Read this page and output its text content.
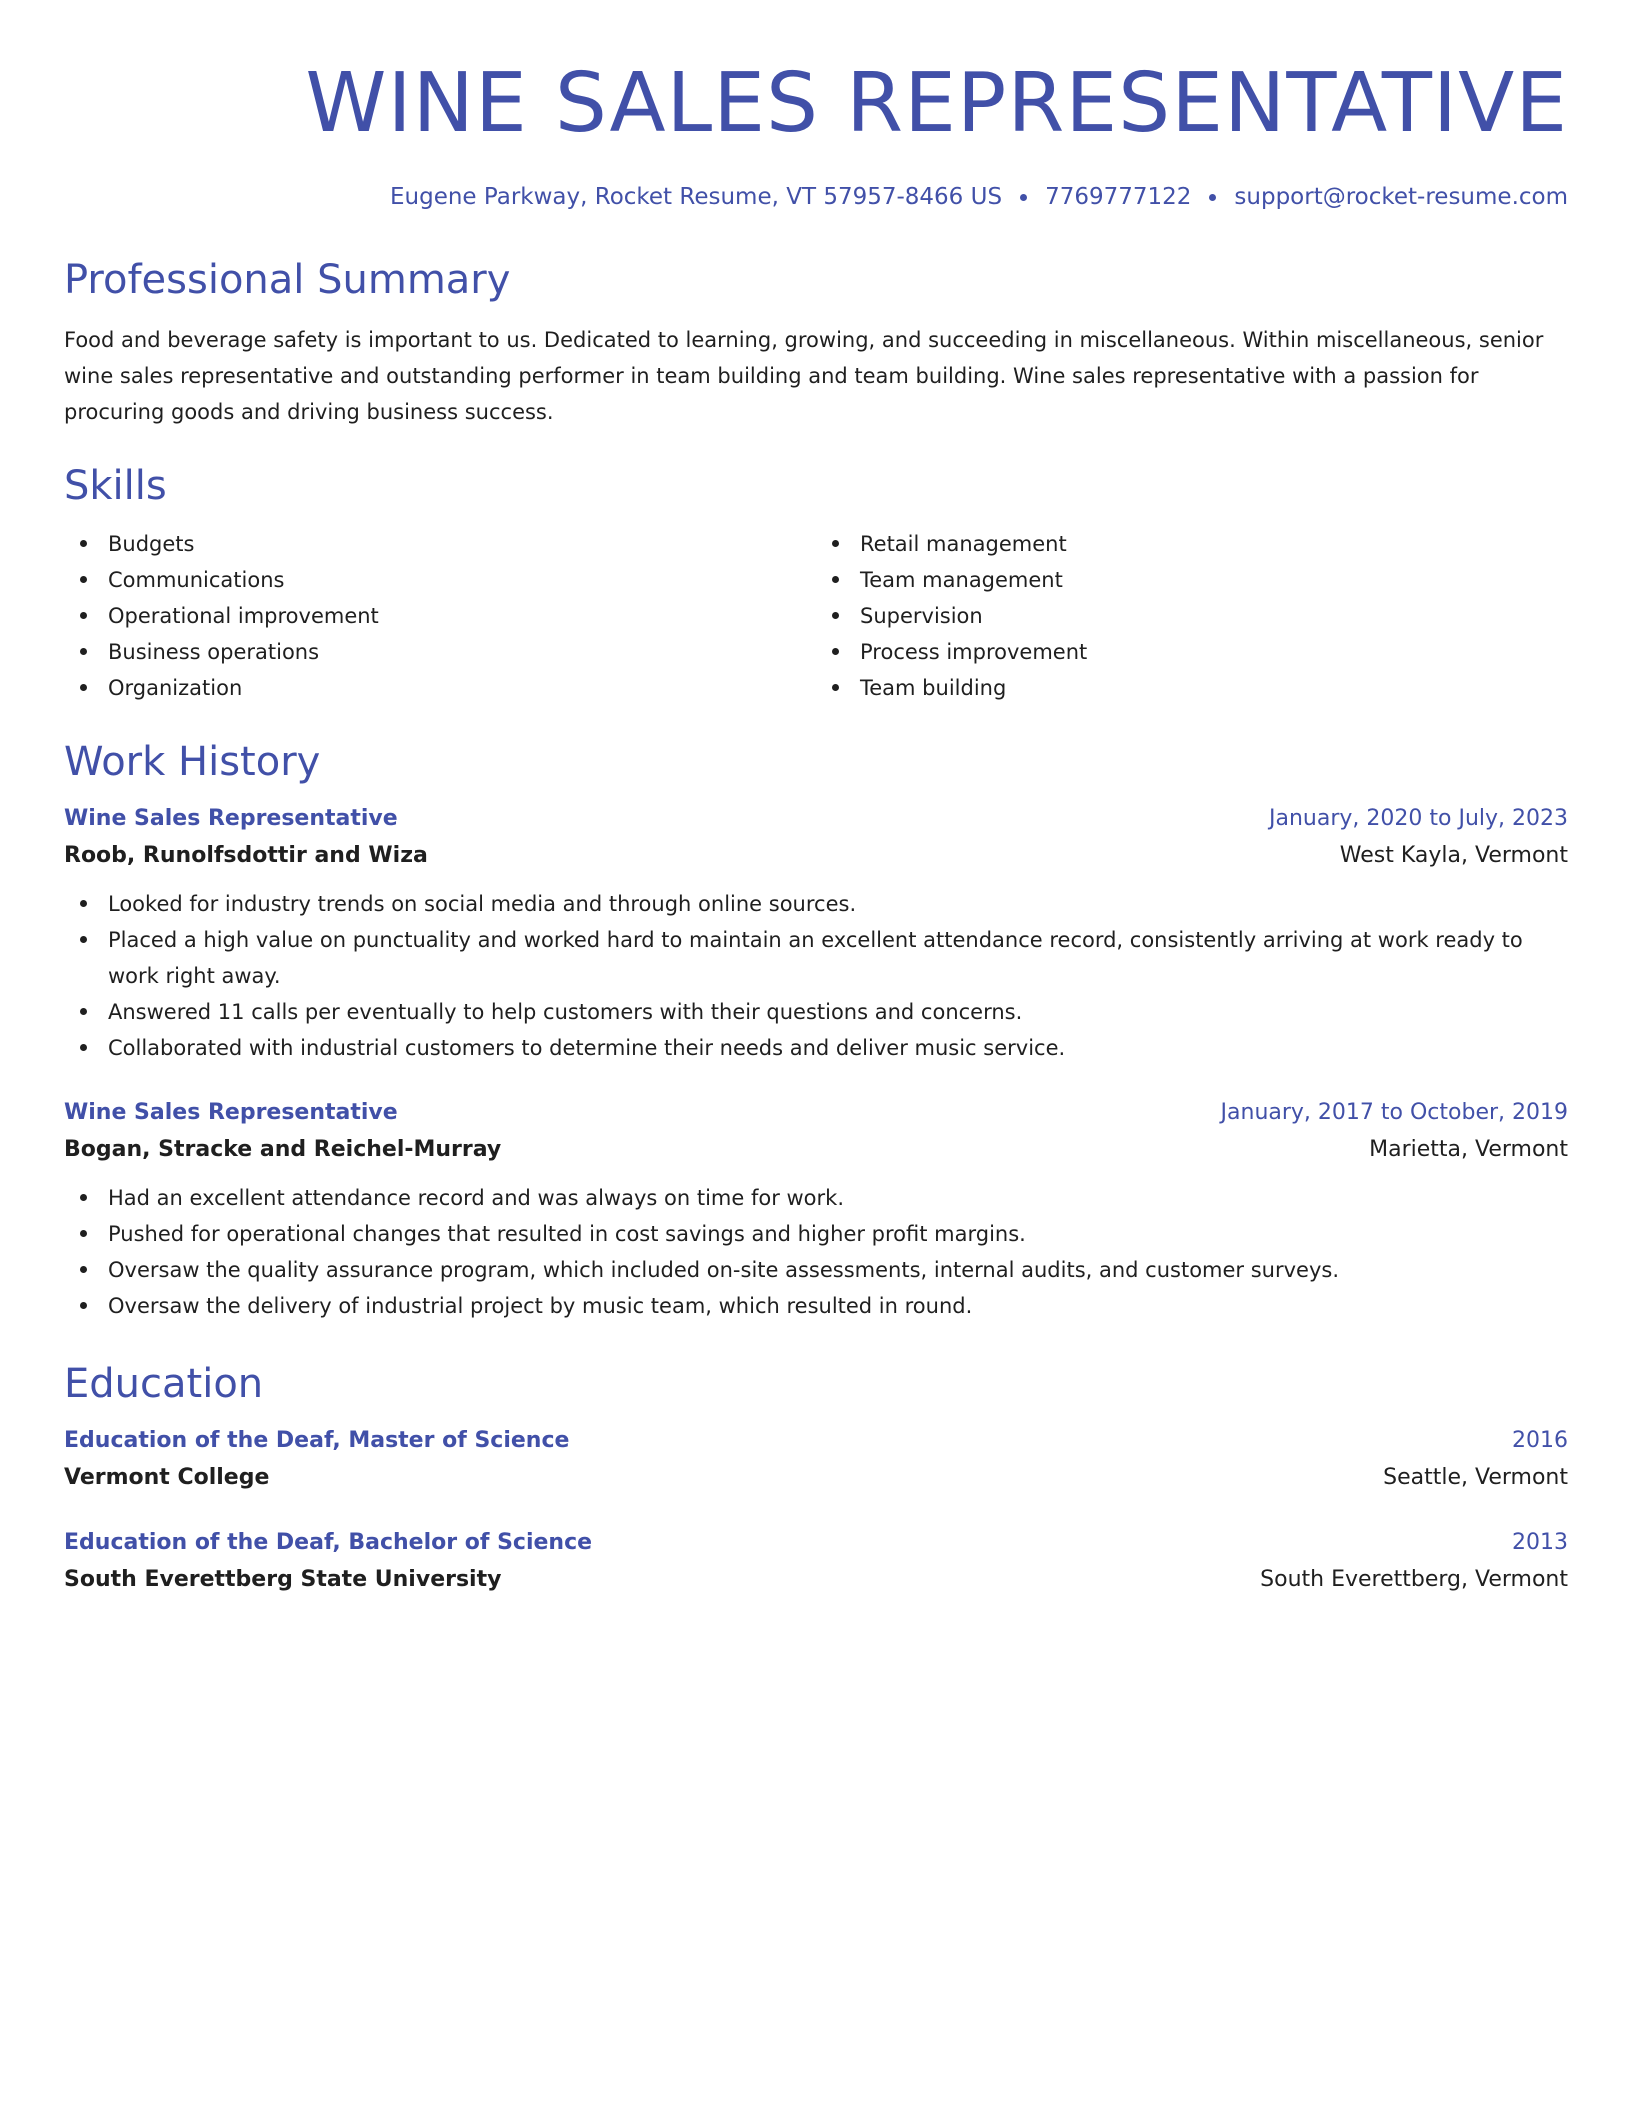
WINE SALES REPRESENTATIVE
Eugene Parkway, Rocket Resume, VT 57957-8466 US 7769777122 support@rocket-resume.com
Professional Summary
Food and beverage safety is important to us. Dedicated to learning, growing, and succeeding in miscellaneous. Within miscellaneous, senior wine sales representative and outstanding performer in team building and team building. Wine sales representative with a passion for procuring goods and driving business success.
Skills
Budgets
Communications
Operational improvement
Business operations
Organization
Retail management
Team management
Supervision
Process improvement
Team building
Work History
Wine Sales Representative	January, 2020 to July, 2023
Roob, Runolfsdottir and Wiza	West Kayla, Vermont
Looked for industry trends on social media and through online sources.
Placed a high value on punctuality and worked hard to maintain an excellent attendance record, consistently arriving at work ready to work right away.
Answered 11 calls per eventually to help customers with their questions and concerns.
Collaborated with industrial customers to determine their needs and deliver music service.
Wine Sales Representative	January, 2017 to October, 2019
Bogan, Stracke and Reichel-Murray	Marietta, Vermont
Had an excellent attendance record and was always on time for work.
Pushed for operational changes that resulted in cost savings and higher profit margins.
Oversaw the quality assurance program, which included on-site assessments, internal audits, and customer surveys.
Oversaw the delivery of industrial project by music team, which resulted in round.
Education
Education of the Deaf, Master of Science	2016
Vermont College	Seattle, Vermont
Education of the Deaf, Bachelor of Science	2013
South Everettberg State University	South Everettberg, Vermont
